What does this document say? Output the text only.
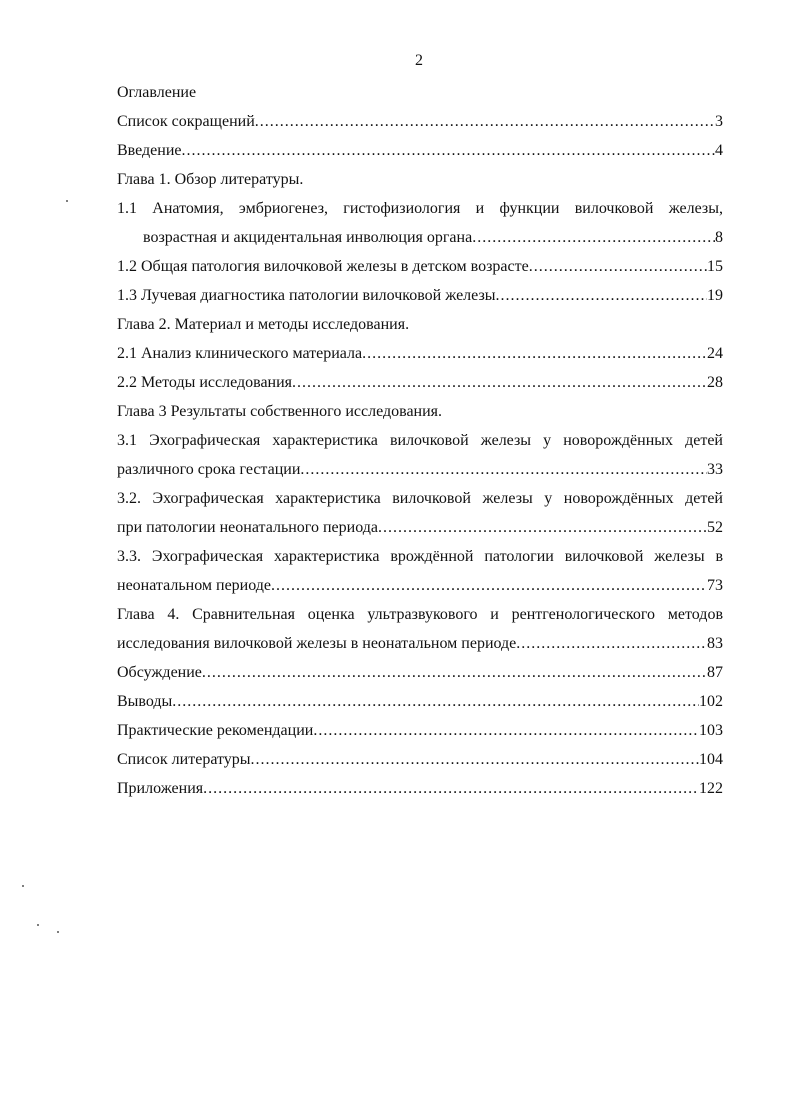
2
Оглавление
Список сокращений .....	3
Введение .....	4
Глава 1. Обзор литературы.
1.1 Анатомия, эмбриогенез, гистофизиология и функции вилочковой железы,
возрастная и акцидентальная инволюция органа .....	8
1.2 Общая патология вилочковой железы в детском возрасте .....	15
1.3 Лучевая диагностика патологии вилочковой железы .....	19
Глава 2. Материал и методы исследования.
2.1 Анализ клинического материала .....	24
2.2 Методы исследования .....	28
Глава 3 Результаты собственного исследования.
3.1 Эхографическая характеристика вилочковой железы у новорождённых детей
различного срока гестации .....	33
3.2. Эхографическая характеристика вилочковой железы у новорождённых детей
при патологии неонатального периода .....	52
3.3. Эхографическая характеристика врождённой патологии вилочковой железы в
неонатальном периоде .....	73
Глава 4. Сравнительная оценка ультразвукового и рентгенологического методов
исследования вилочковой железы в неонатальном периоде .....	83
Обсуждение .....	87
Выводы .....	102
Практические рекомендации .....	103
Список литературы .....	104
Приложения .....	122
